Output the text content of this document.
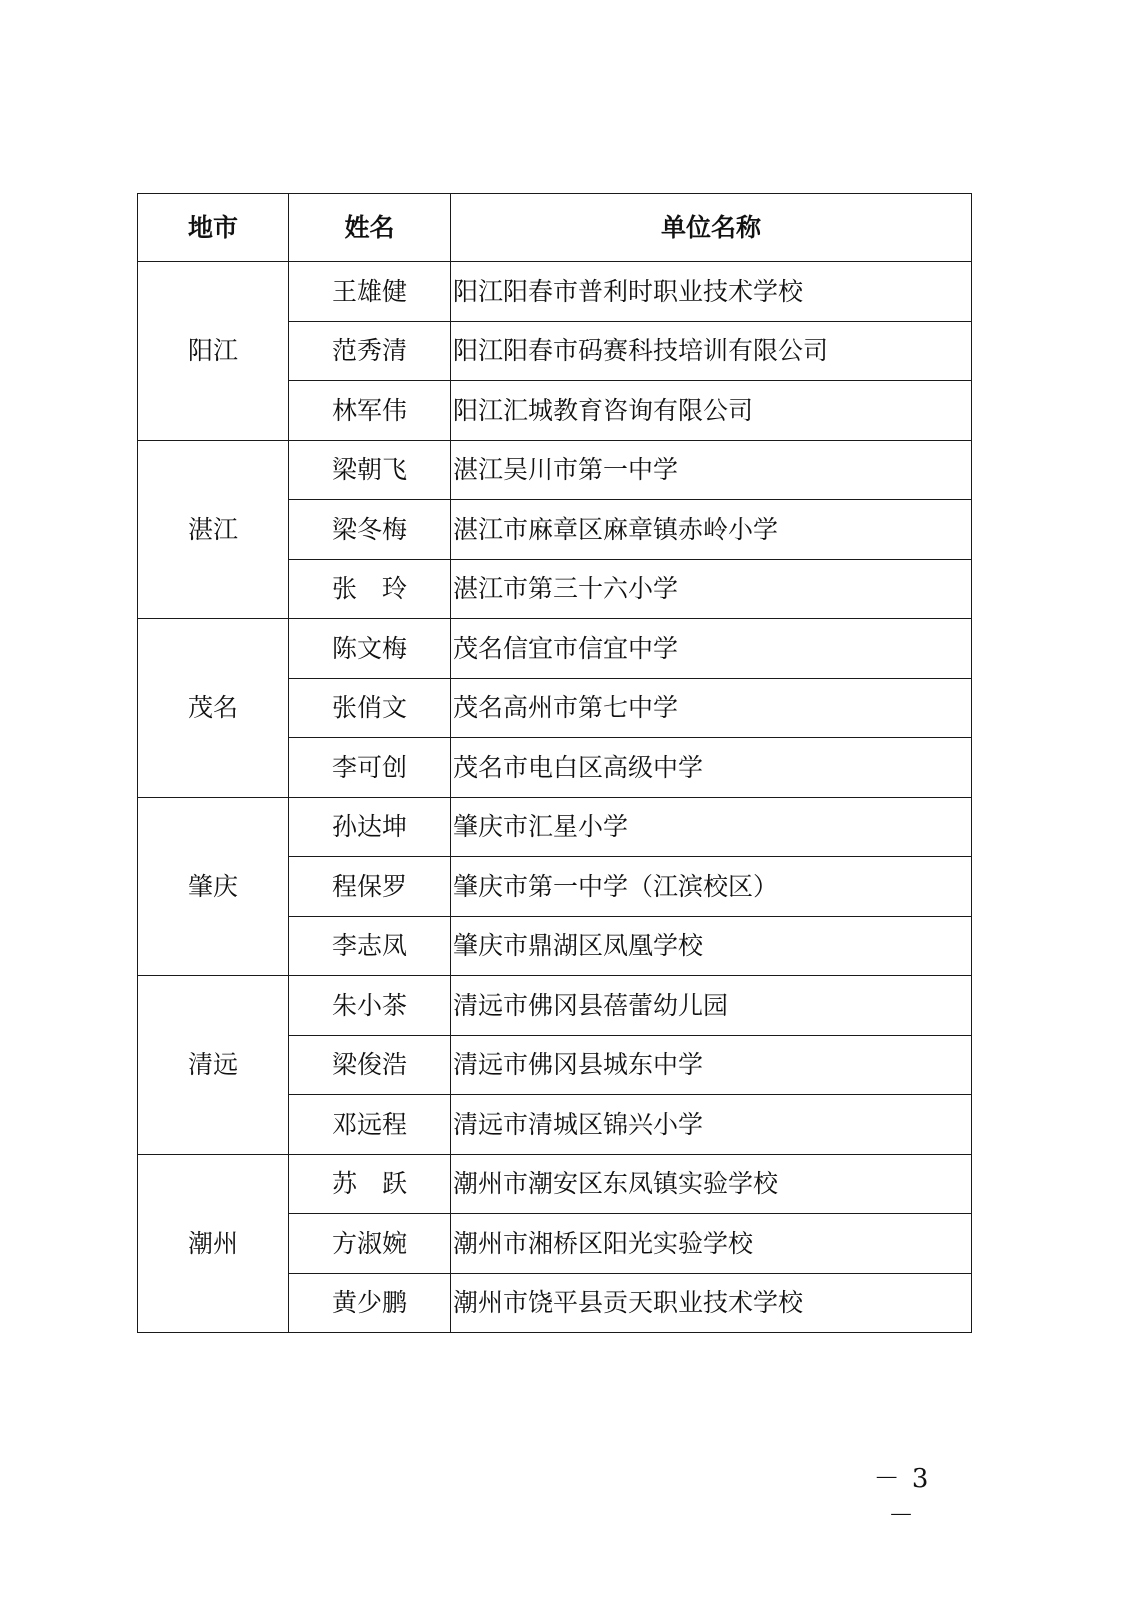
地市	姓名	单位名称
阳江	王雄健	阳江阳春市普利时职业技术学校
	范秀清	阳江阳春市码赛科技培训有限公司
	林军伟	阳江汇城教育咨询有限公司
湛江	梁朝飞	湛江吴川市第一中学
	梁冬梅	湛江市麻章区麻章镇赤岭小学
	张　玲	湛江市第三十六小学
茂名	陈文梅	茂名信宜市信宜中学
	张俏文	茂名高州市第七中学
	李可创	茂名市电白区高级中学
肇庆	孙达坤	肇庆市汇星小学
	程保罗	肇庆市第一中学（江滨校区）
	李志凤	肇庆市鼎湖区凤凰学校
清远	朱小茶	清远市佛冈县蓓蕾幼儿园
	梁俊浩	清远市佛冈县城东中学
	邓远程	清远市清城区锦兴小学
潮州	苏　跃	潮州市潮安区东凤镇实验学校
	方淑婉	潮州市湘桥区阳光实验学校
	黄少鹏	潮州市饶平县贡天职业技术学校
－ 3 －
